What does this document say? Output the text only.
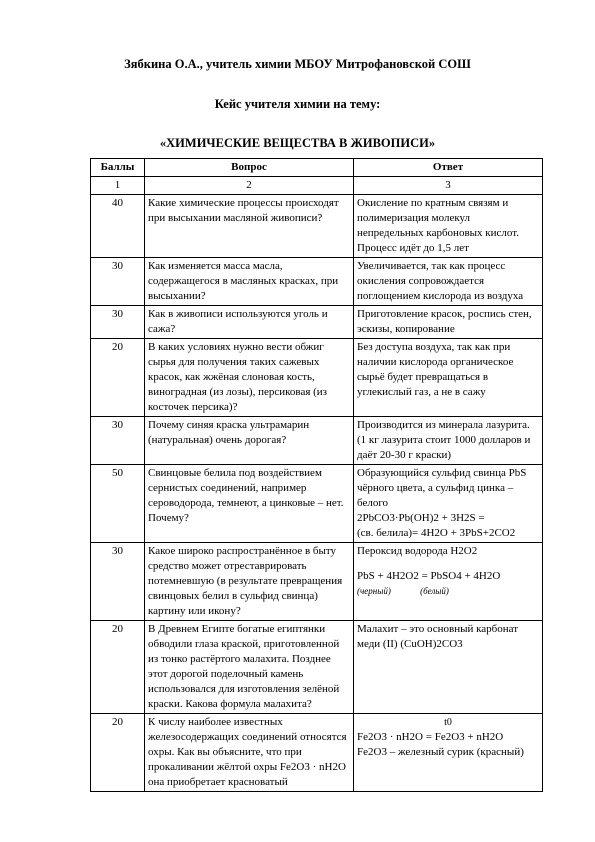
Зябкина О.А., учитель химии МБОУ Митрофановской СОШ
Кейс учителя химии на тему:
«ХИМИЧЕСКИЕ ВЕЩЕСТВА В ЖИВОПИСИ»
Баллы	Вопрос	Ответ
1	2	3
40	Какие химические процессы происходят при высыхании масляной живописи?	Окисление по кратным связям и полимеризация молекул непредельных карбоновых кислот. Процесс идёт до 1,5 лет
30	Как изменяется масса масла, содержащегося в масляных красках, при высыхании?	Увеличивается, так как процесс окисления сопровождается поглощением кислорода из воздуха
30	Как в живописи используются уголь и сажа?	Приготовление красок, роспись стен, эскизы, копирование
20	В каких условиях нужно вести обжиг сырья для получения таких сажевых красок, как жжёная слоновая кость, виноградная (из лозы), персиковая (из косточек персика)?	Без доступа воздуха, так как при наличии кислорода органическое сырьё будет превращаться в углекислый газ, а не в сажу
30	Почему синяя краска ультрамарин (натуральная) очень дорогая?	Производится из минерала лазурита. (1 кг лазурита стоит 1000 долларов и даёт 20-30 г краски)
50	Свинцовые белила под воздействием сернистых соединений, например сероводорода, темнеют, а цинковые – нет. Почему?	Образующийся сульфид свинца PbS чёрного цвета, а сульфид цинка – белого
2PbCO3·Pb(OH)2 + 3H2S =
(св. белила)= 4H2O + 3PbS+2CO2

30	Какое широко распространённое в быту средство может отреставрировать потемневшую (в результате превращения свинцовых белил в сульфид свинца) картину или икону?	Пероксид водорода H2O2
PbS + 4H2O2 = PbSO4 + 4H2O
(черный) (белый)

20	В Древнем Египте богатые египтянки обводили глаза краской, приготовленной из тонко растёртого малахита. Позднее этот дорогой поделочный камень использовался для изготовления зелёной краски. Какова формула малахита?	Малахит – это основный карбонат меди (II) (CuOH)2CO3
20	К числу наиболее известных железосодержащих соединений относятся охры. Как вы объясните, что при прокаливании жёлтой охры Fe2O3 · nH2O она приобретает красноватый	t0
Fe2O3 · nH2O = Fe2O3 + nH2O
Fe2O3 – железный сурик (красный)
